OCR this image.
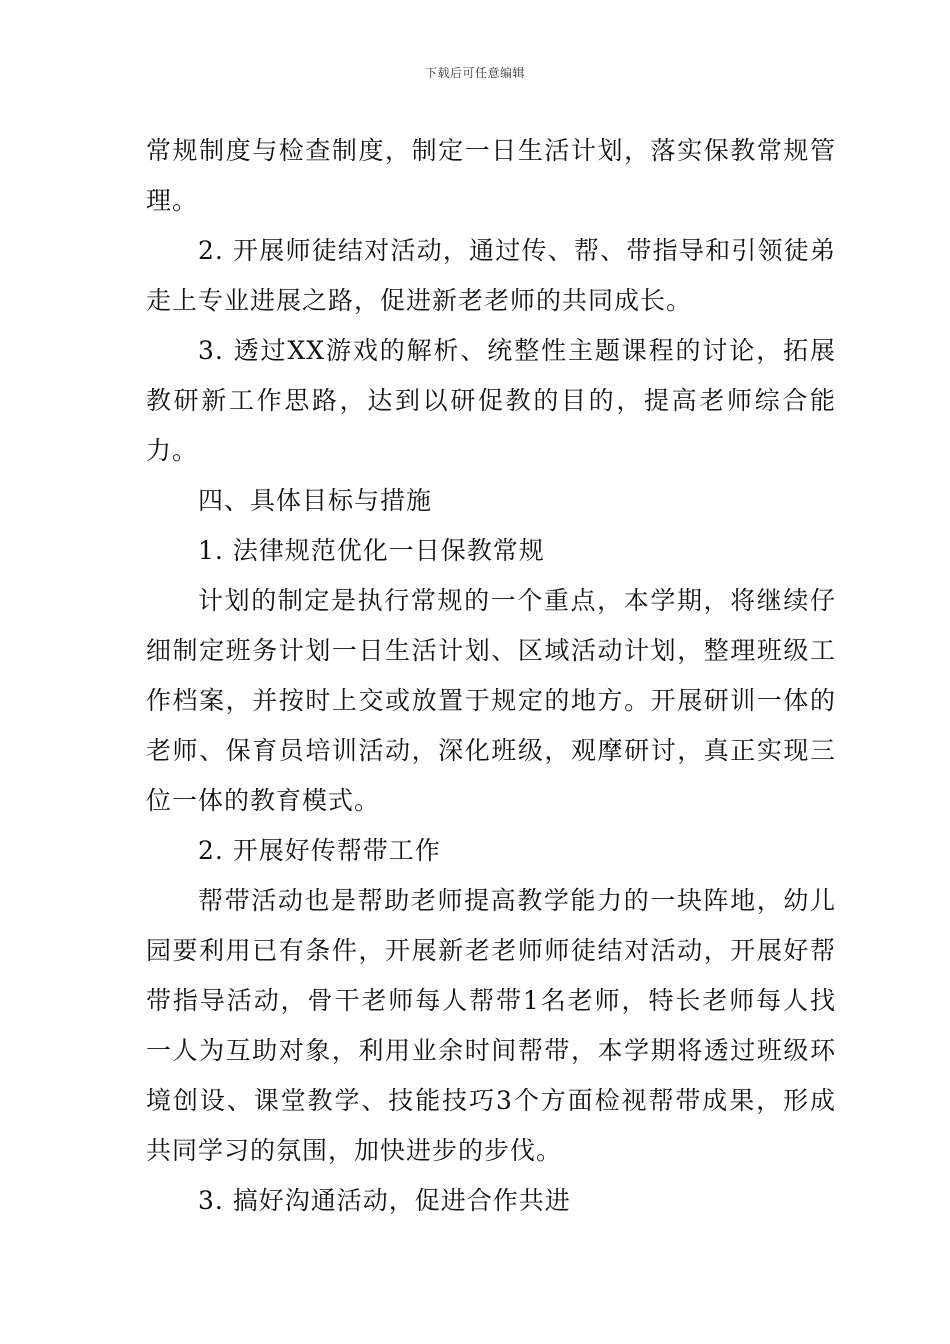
下载后可任意编辑

常规制度与检查制度，制定一日生活计划，落实保教常规管理。

2. 开展师徒结对活动，通过传、帮、带指导和引领徒弟走上专业进展之路，促进新老老师的共同成长。

3. 透过XX游戏的解析、统整性主题课程的讨论，拓展教研新工作思路，达到以研促教的目的，提高老师综合能力。

四、具体目标与措施

1. 法律规范优化一日保教常规

计划的制定是执行常规的一个重点，本学期，将继续仔细制定班务计划一日生活计划、区域活动计划，整理班级工作档案，并按时上交或放置于规定的地方。开展研训一体的老师、保育员培训活动，深化班级，观摩研讨，真正实现三位一体的教育模式。

2. 开展好传帮带工作

帮带活动也是帮助老师提高教学能力的一块阵地，幼儿园要利用已有条件，开展新老老师师徒结对活动，开展好帮带指导活动，骨干老师每人帮带1名老师，特长老师每人找一人为互助对象，利用业余时间帮带，本学期将透过班级环境创设、课堂教学、技能技巧3个方面检视帮带成果，形成共同学习的氛围，加快进步的步伐。

3. 搞好沟通活动，促进合作共进
